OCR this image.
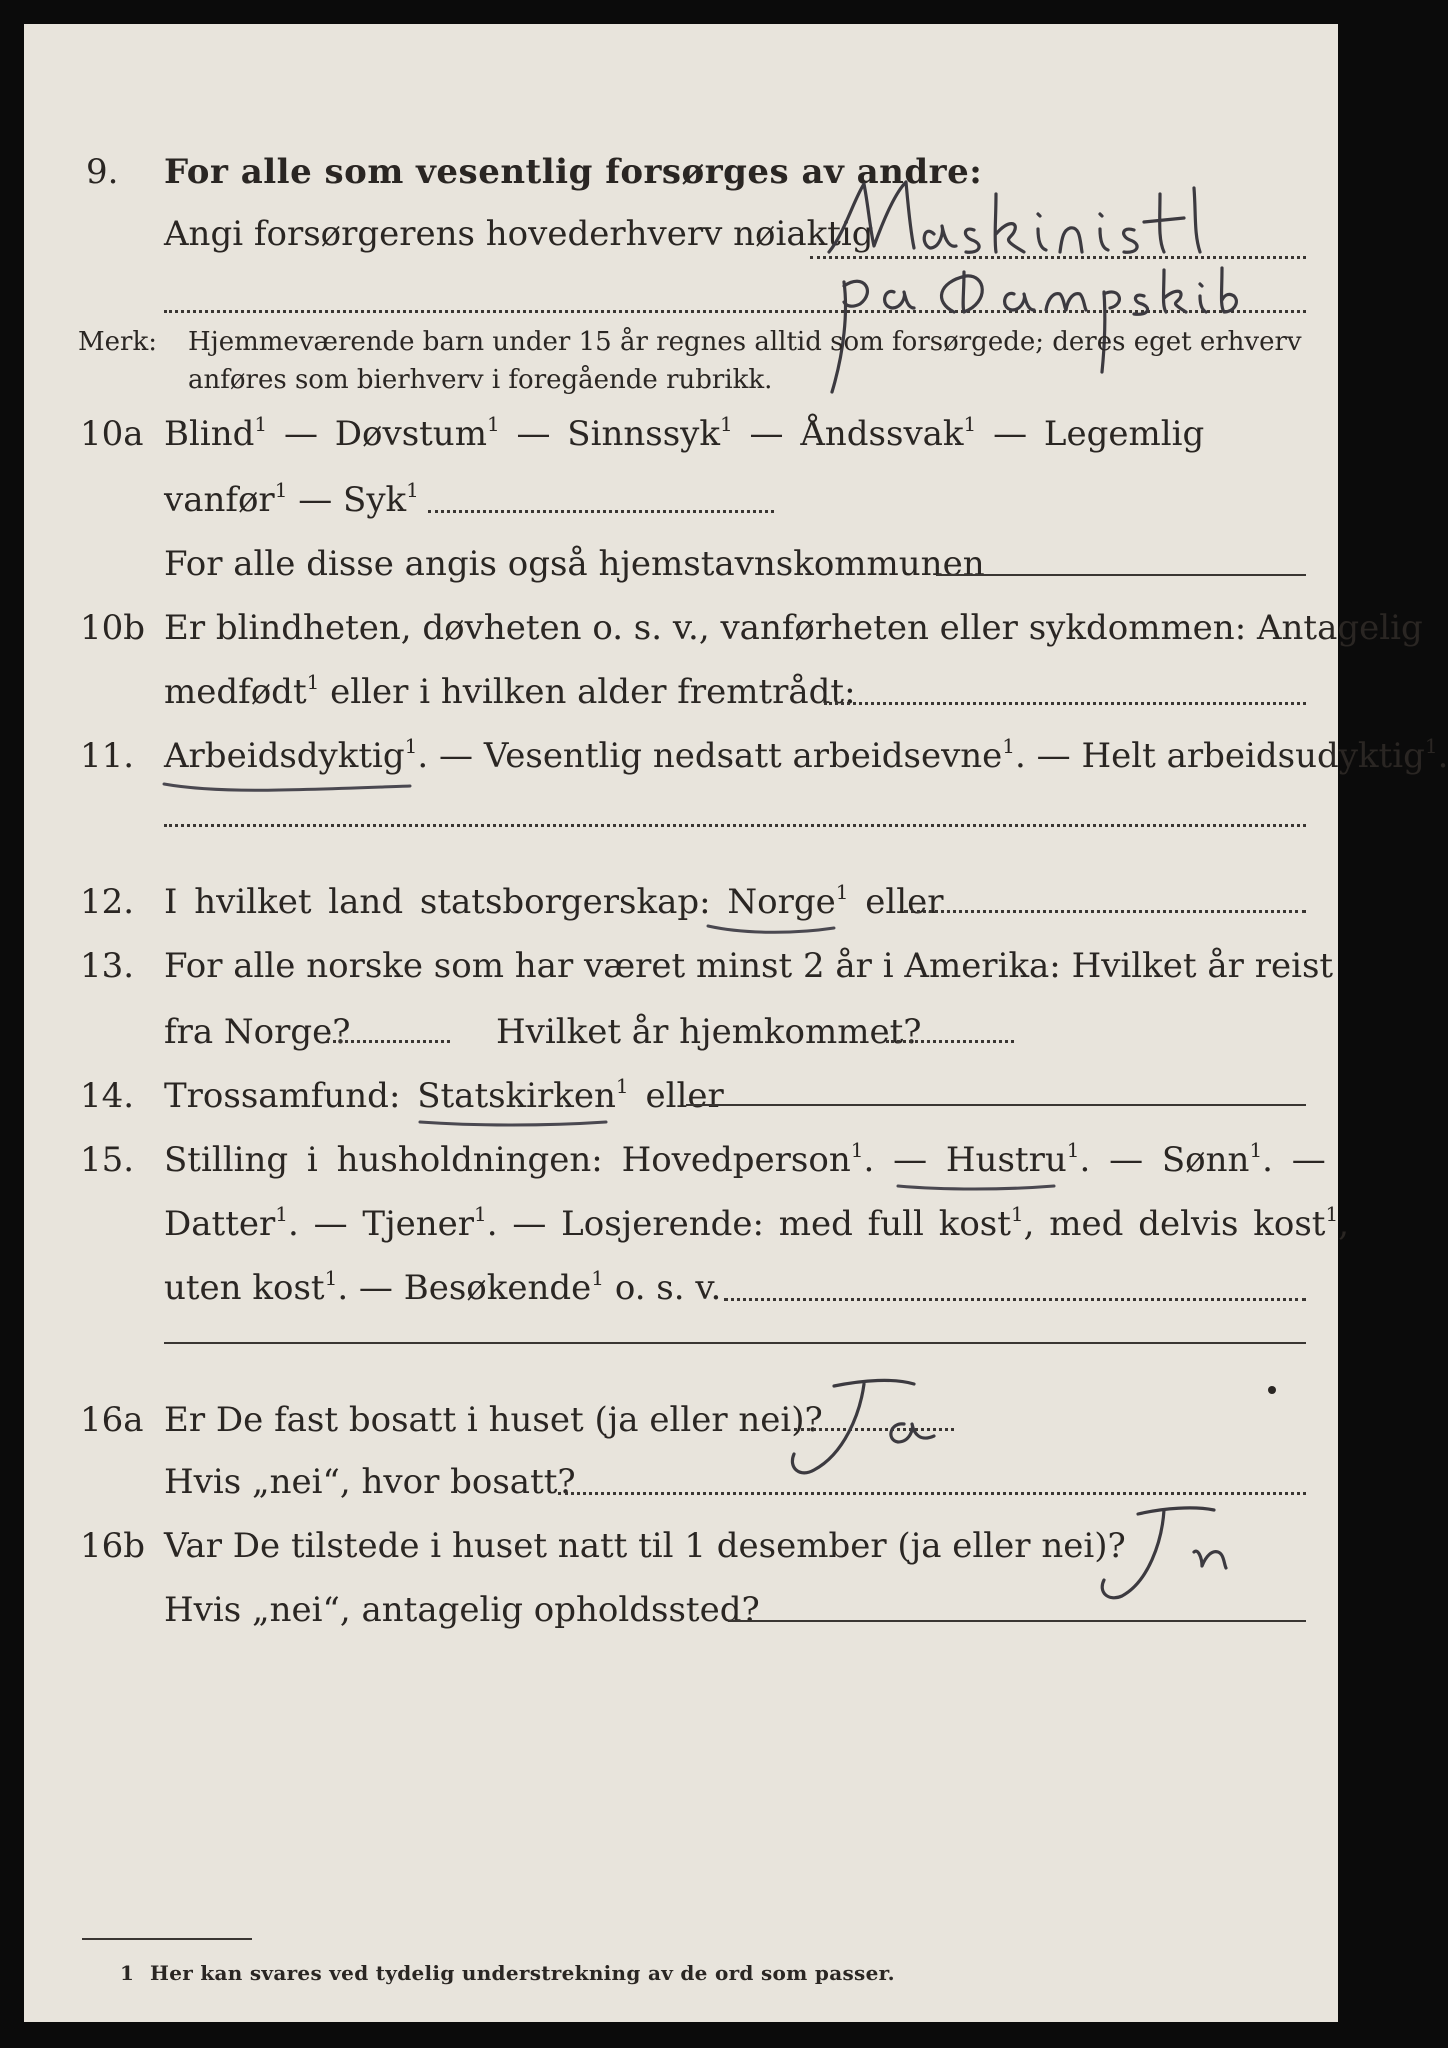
9. For alle som vesentlig forsørges av andre:
Angi forsørgerens hovederhverv nøiaktig
Merk: Hjemmeværende barn under 15 år regnes alltid som forsørgede; deres eget erhverv
anføres som bierhverv i foregående rubrikk.
10a Blind$^1$ — Døvstum$^1$ — Sinnssyk$^1$ — Åndssvak$^1$ — Legemlig
vanfør$^1$ — Syk$^1$
For alle disse angis også hjemstavnskommunen
10b Er blindheten, døvheten o. s. v., vanførheten eller sykdommen: Antagelig
medfødt$^1$ eller i hvilken alder fremtrådt:
11. Arbeidsdyktig$^1$. — Vesentlig nedsatt arbeidsevne$^1$. — Helt arbeidsudyktig$^1$.
12. I hvilket land statsborgerskap: Norge$^1$ eller
13. For alle norske som har været minst 2 år i Amerika: Hvilket år reist
fra Norge?	Hvilket år hjemkommet?
14. Trossamfund: Statskirken$^1$ eller
15. Stilling i husholdningen: Hovedperson$^1$. — Hustru$^1$. — Sønn$^1$. —
Datter$^1$. — Tjener$^1$. — Losjerende: med full kost$^1$, med delvis kost$^1$,
uten kost$^1$. — Besøkende$^1$ o. s. v.
16a Er De fast bosatt i huset (ja eller nei)?
Hvis „nei“, hvor bosatt?
16b Var De tilstede i huset natt til 1 desember (ja eller nei)?
Hvis „nei“, antagelig opholdssted?
1 Her kan svares ved tydelig understrekning av de ord som passer.
